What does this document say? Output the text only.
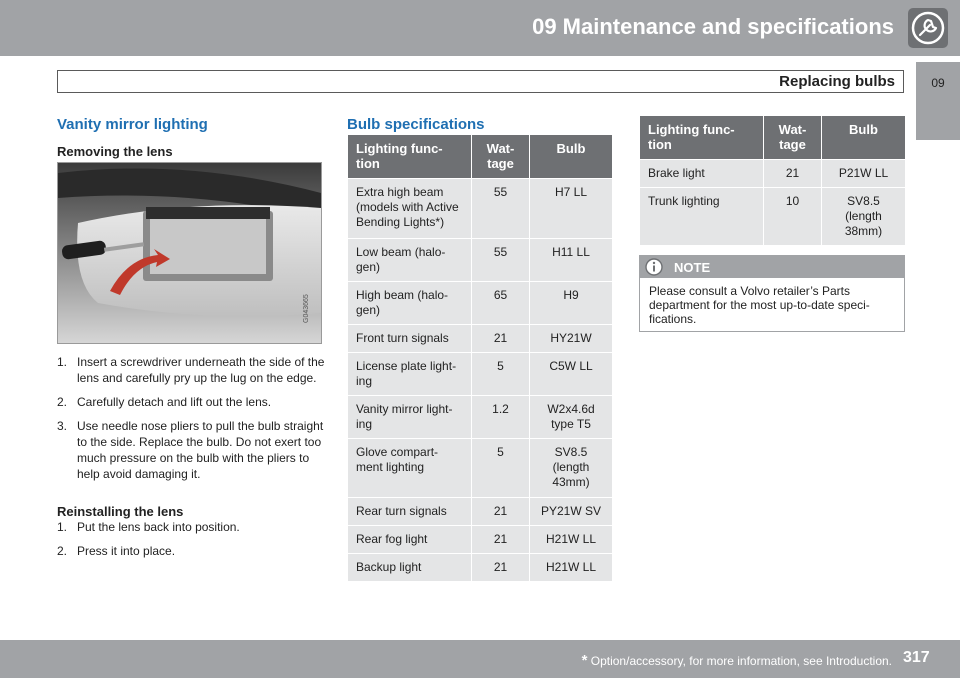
09 Maintenance and specifications
Replacing bulbs	09
Vanity mirror lighting
Removing the lens
G043665
1. Insert a screwdriver underneath the side of the lens and carefully pry up the lug on the edge.
2. Carefully detach and lift out the lens.
3. Use needle nose pliers to pull the bulb straight to the side. Replace the bulb. Do not exert too much pressure on the bulb with the pliers to help avoid damaging it.
Reinstalling the lens
1. Put the lens back into position.
2. Press it into place.
Bulb specifications
Lighting func-
tion	Wat-
tage	Bulb
Extra high beam (models with Active Bending Lights*)	55	H7 LL
Low beam (halo-
gen)	55	H11 LL
High beam (halo-
gen)	65	H9
Front turn signals	21	HY21W
License plate light-
ing	5	C5W LL
Vanity mirror light-
ing	1.2	W2x4.6d
type T5
Glove compart-
ment lighting	5	SV8.5
(length
43mm)
Rear turn signals	21	PY21W SV
Rear fog light	21	H21W LL
Backup light	21	H21W LL
Lighting func-
tion	Wat-
tage	Bulb
Brake light	21	P21W LL
Trunk lighting	10	SV8.5
(length
38mm)
NOTE
Please consult a Volvo retailer’s Parts department for the most up-to-date speci-fications.
* Option/accessory, for more information, see Introduction. 317
